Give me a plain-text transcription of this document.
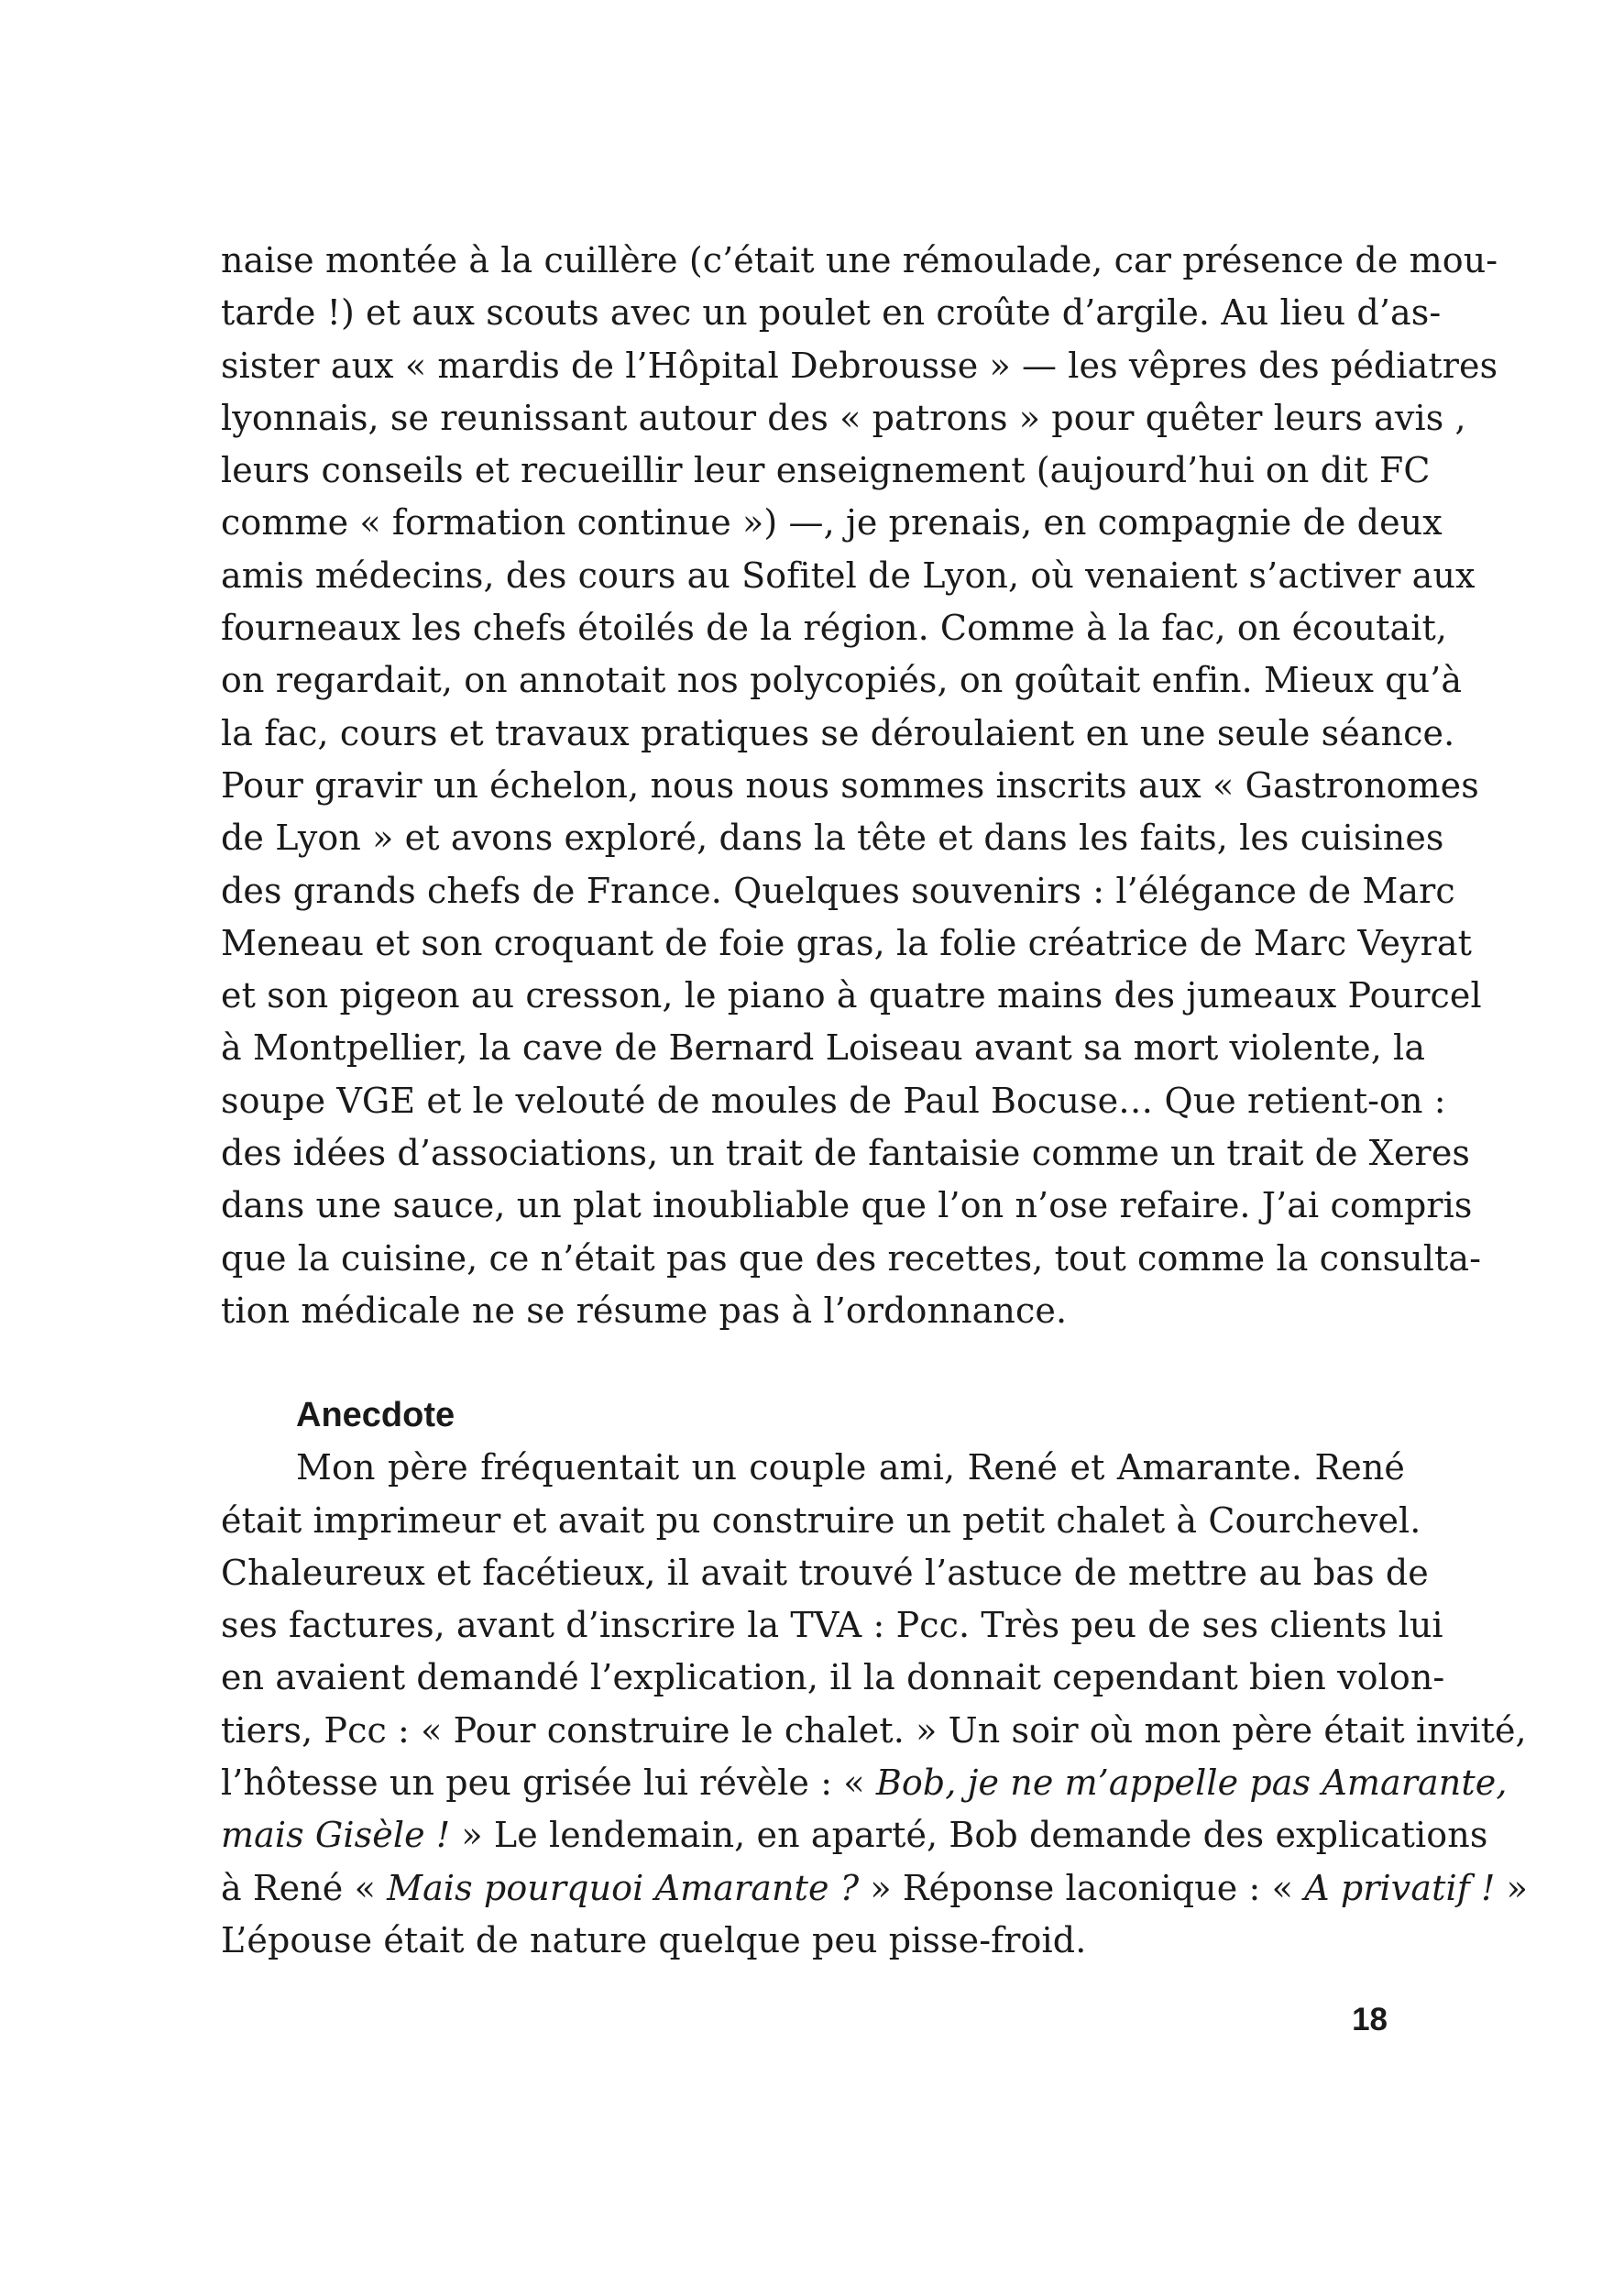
naise montée à la cuillère (c’était une rémoulade, car présence de mou-
tarde !) et aux scouts avec un poulet en croûte d’argile. Au lieu d’as-
sister aux « mardis de l’Hôpital Debrousse » — les vêpres des pédiatres
lyonnais, se reunissant autour des « patrons » pour quêter leurs avis ,
leurs conseils et recueillir leur enseignement (aujourd’hui on dit FC
comme « formation continue ») —, je prenais, en compagnie de deux
amis médecins, des cours au Sofitel de Lyon, où venaient s’activer aux
fourneaux les chefs étoilés de la région. Comme à la fac, on écoutait,
on regardait, on annotait nos polycopiés, on goûtait enfin. Mieux qu’à
la fac, cours et travaux pratiques se déroulaient en une seule séance.
Pour gravir un échelon, nous nous sommes inscrits aux « Gastronomes
de Lyon » et avons exploré, dans la tête et dans les faits, les cuisines
des grands chefs de France. Quelques souvenirs : l’élégance de Marc
Meneau et son croquant de foie gras, la folie créatrice de Marc Veyrat
et son pigeon au cresson, le piano à quatre mains des jumeaux Pourcel
à Montpellier, la cave de Bernard Loiseau avant sa mort violente, la
soupe VGE et le velouté de moules de Paul Bocuse… Que retient-on :
des idées d’associations, un trait de fantaisie comme un trait de Xeres
dans une sauce, un plat inoubliable que l’on n’ose refaire. J’ai compris
que la cuisine, ce n’était pas que des recettes, tout comme la consulta-
tion médicale ne se résume pas à l’ordonnance.
Anecdote
Mon père fréquentait un couple ami, René et Amarante. René
était imprimeur et avait pu construire un petit chalet à Courchevel.
Chaleureux et facétieux, il avait trouvé l’astuce de mettre au bas de
ses factures, avant d’inscrire la TVA : Pcc. Très peu de ses clients lui
en avaient demandé l’explication, il la donnait cependant bien volon-
tiers, Pcc : « Pour construire le chalet. » Un soir où mon père était invité,
l’hôtesse un peu grisée lui révèle : « Bob, je ne m’appelle pas Amarante,
mais Gisèle ! » Le lendemain, en aparté, Bob demande des explications
à René « Mais pourquoi Amarante ? » Réponse laconique : « A privatif ! »
L’épouse était de nature quelque peu pisse-froid.
18
